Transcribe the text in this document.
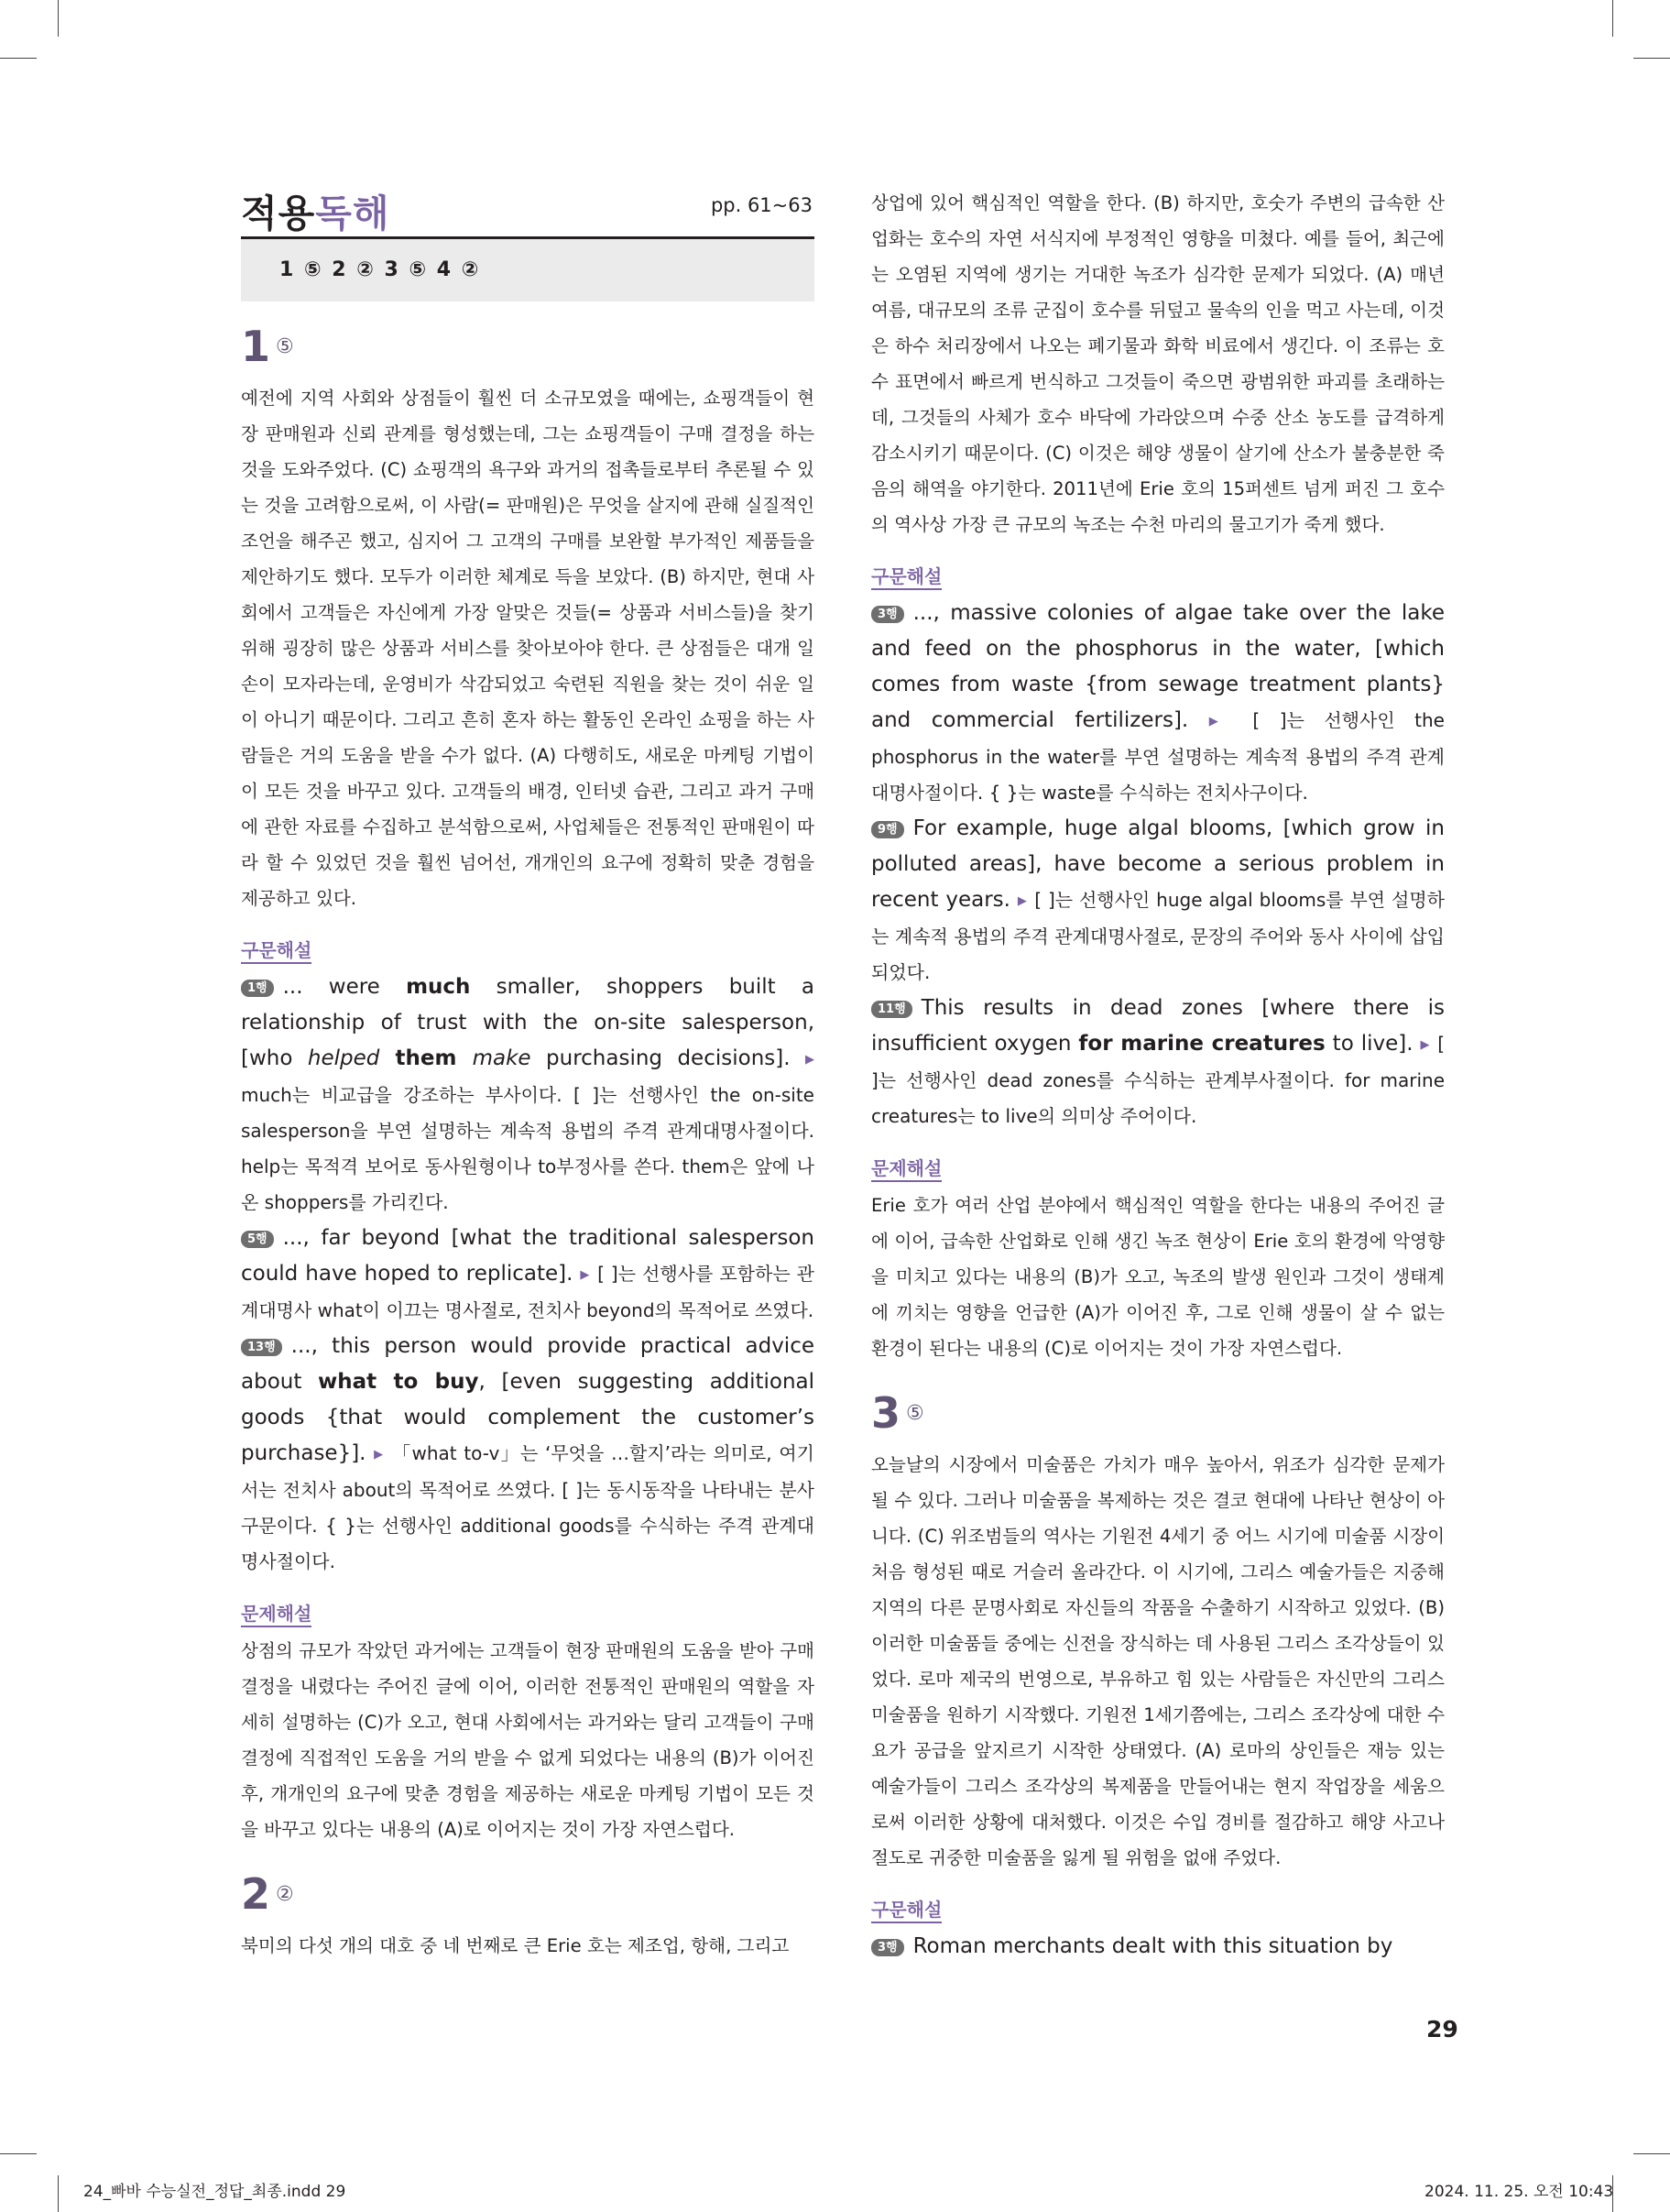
적용독해	pp. 61~63
1 ⑤ 2 ② 3 ⑤ 4 ②
1 ⑤

예전에 지역 사회와 상점들이 훨씬 더 소규모였을 때에는, 쇼핑객들이 현장 판매원과 신뢰 관계를 형성했는데, 그는 쇼핑객들이 구매 결정을 하는 것을 도와주었다. (C) 쇼핑객의 욕구와 과거의 접촉들로부터 추론될 수 있는 것을 고려함으로써, 이 사람(= 판매원)은 무엇을 살지에 관해 실질적인 조언을 해주곤 했고, 심지어 그 고객의 구매를 보완할 부가적인 제품들을 제안하기도 했다. 모두가 이러한 체계로 득을 보았다. (B) 하지만, 현대 사회에서 고객들은 자신에게 가장 알맞은 것들(= 상품과 서비스들)을 찾기 위해 굉장히 많은 상품과 서비스를 찾아보아야 한다. 큰 상점들은 대개 일손이 모자라는데, 운영비가 삭감되었고 숙련된 직원을 찾는 것이 쉬운 일이 아니기 때문이다. 그리고 흔히 혼자 하는 활동인 온라인 쇼핑을 하는 사람들은 거의 도움을 받을 수가 없다. (A) 다행히도, 새로운 마케팅 기법이 이 모든 것을 바꾸고 있다. 고객들의 배경, 인터넷 습관, 그리고 과거 구매에 관한 자료를 수집하고 분석함으로써, 사업체들은 전통적인 판매원이 따라 할 수 있었던 것을 훨씬 넘어선, 개개인의 요구에 정확히 맞춘 경험을 제공하고 있다.

구문해설

1행 ... were much smaller, shoppers built a relationship of trust with the on-site salesperson, [who helped them make purchasing decisions]. ▶ much는 비교급을 강조하는 부사이다. [ ]는 선행사인 the on-site salesperson을 부연 설명하는 계속적 용법의 주격 관계대명사절이다. help는 목적격 보어로 동사원형이나 to부정사를 쓴다. them은 앞에 나온 shoppers를 가리킨다.

5행 ..., far beyond [what the traditional salesperson could have hoped to replicate]. ▶ [ ]는 선행사를 포함하는 관계대명사 what이 이끄는 명사절로, 전치사 beyond의 목적어로 쓰였다.

13행 ..., this person would provide practical advice about what to buy, [even suggesting additional goods {that would complement the customer’s purchase}]. ▶ 「what to-v」는 ‘무엇을 …할지’라는 의미로, 여기서는 전치사 about의 목적어로 쓰였다. [ ]는 동시동작을 나타내는 분사구문이다. { }는 선행사인 additional goods를 수식하는 주격 관계대명사절이다.

문제해설

상점의 규모가 작았던 과거에는 고객들이 현장 판매원의 도움을 받아 구매 결정을 내렸다는 주어진 글에 이어, 이러한 전통적인 판매원의 역할을 자세히 설명하는 (C)가 오고, 현대 사회에서는 과거와는 달리 고객들이 구매 결정에 직접적인 도움을 거의 받을 수 없게 되었다는 내용의 (B)가 이어진 후, 개개인의 요구에 맞춘 경험을 제공하는 새로운 마케팅 기법이 모든 것을 바꾸고 있다는 내용의 (A)로 이어지는 것이 가장 자연스럽다.

2 ②

북미의 다섯 개의 대호 중 네 번째로 큰 Erie 호는 제조업, 항해, 그리고

상업에 있어 핵심적인 역할을 한다. (B) 하지만, 호숫가 주변의 급속한 산업화는 호수의 자연 서식지에 부정적인 영향을 미쳤다. 예를 들어, 최근에는 오염된 지역에 생기는 거대한 녹조가 심각한 문제가 되었다. (A) 매년 여름, 대규모의 조류 군집이 호수를 뒤덮고 물속의 인을 먹고 사는데, 이것은 하수 처리장에서 나오는 폐기물과 화학 비료에서 생긴다. 이 조류는 호수 표면에서 빠르게 번식하고 그것들이 죽으면 광범위한 파괴를 초래하는데, 그것들의 사체가 호수 바닥에 가라앉으며 수중 산소 농도를 급격하게 감소시키기 때문이다. (C) 이것은 해양 생물이 살기에 산소가 불충분한 죽음의 해역을 야기한다. 2011년에 Erie 호의 15퍼센트 넘게 퍼진 그 호수의 역사상 가장 큰 규모의 녹조는 수천 마리의 물고기가 죽게 했다.

구문해설

3행 ..., massive colonies of algae take over the lake and feed on the phosphorus in the water, [which comes from waste {from sewage treatment plants} and commercial fertilizers]. ▶ [ ]는 선행사인 the phosphorus in the water를 부연 설명하는 계속적 용법의 주격 관계대명사절이다. { }는 waste를 수식하는 전치사구이다.

9행 For example, huge algal blooms, [which grow in polluted areas], have become a serious problem in recent years. ▶ [ ]는 선행사인 huge algal blooms를 부연 설명하는 계속적 용법의 주격 관계대명사절로, 문장의 주어와 동사 사이에 삽입되었다.

11행 This results in dead zones [where there is insufficient oxygen for marine creatures to live]. ▶ [ ]는 선행사인 dead zones를 수식하는 관계부사절이다. for marine creatures는 to live의 의미상 주어이다.

문제해설

Erie 호가 여러 산업 분야에서 핵심적인 역할을 한다는 내용의 주어진 글에 이어, 급속한 산업화로 인해 생긴 녹조 현상이 Erie 호의 환경에 악영향을 미치고 있다는 내용의 (B)가 오고, 녹조의 발생 원인과 그것이 생태계에 끼치는 영향을 언급한 (A)가 이어진 후, 그로 인해 생물이 살 수 없는 환경이 된다는 내용의 (C)로 이어지는 것이 가장 자연스럽다.

3 ⑤

오늘날의 시장에서 미술품은 가치가 매우 높아서, 위조가 심각한 문제가 될 수 있다. 그러나 미술품을 복제하는 것은 결코 현대에 나타난 현상이 아니다. (C) 위조범들의 역사는 기원전 4세기 중 어느 시기에 미술품 시장이 처음 형성된 때로 거슬러 올라간다. 이 시기에, 그리스 예술가들은 지중해 지역의 다른 문명사회로 자신들의 작품을 수출하기 시작하고 있었다. (B) 이러한 미술품들 중에는 신전을 장식하는 데 사용된 그리스 조각상들이 있었다. 로마 제국의 번영으로, 부유하고 힘 있는 사람들은 자신만의 그리스 미술품을 원하기 시작했다. 기원전 1세기쯤에는, 그리스 조각상에 대한 수요가 공급을 앞지르기 시작한 상태였다. (A) 로마의 상인들은 재능 있는 예술가들이 그리스 조각상의 복제품을 만들어내는 현지 작업장을 세움으로써 이러한 상황에 대처했다. 이것은 수입 경비를 절감하고 해양 사고나 절도로 귀중한 미술품을 잃게 될 위험을 없애 주었다.

구문해설

3행 Roman merchants dealt with this situation by

29
24_빠바 수능실전_정답_최종.indd 29	2024. 11. 25. 오전 10:43
